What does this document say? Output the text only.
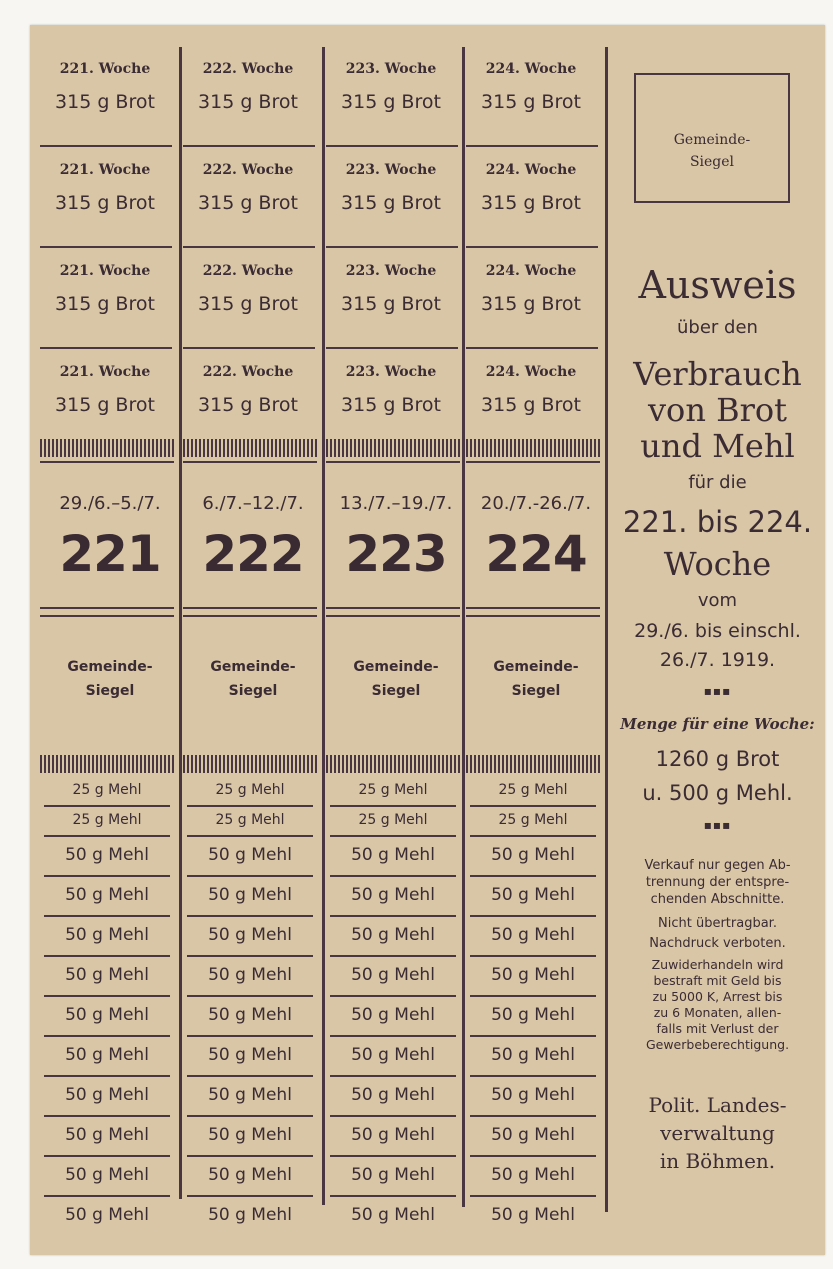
221. Woche
315 g Brot
221. Woche
315 g Brot
221. Woche
315 g Brot
221. Woche
315 g Brot
29./6.–5./7.
221
Gemeinde-
Siegel
25 g Mehl
25 g Mehl
50 g Mehl
50 g Mehl
50 g Mehl
50 g Mehl
50 g Mehl
50 g Mehl
50 g Mehl
50 g Mehl
50 g Mehl
50 g Mehl
222. Woche
315 g Brot
222. Woche
315 g Brot
222. Woche
315 g Brot
222. Woche
315 g Brot
6./7.–12./7.
222
Gemeinde-
Siegel
25 g Mehl
25 g Mehl
50 g Mehl
50 g Mehl
50 g Mehl
50 g Mehl
50 g Mehl
50 g Mehl
50 g Mehl
50 g Mehl
50 g Mehl
50 g Mehl
223. Woche
315 g Brot
223. Woche
315 g Brot
223. Woche
315 g Brot
223. Woche
315 g Brot
13./7.–19./7.
223
Gemeinde-
Siegel
25 g Mehl
25 g Mehl
50 g Mehl
50 g Mehl
50 g Mehl
50 g Mehl
50 g Mehl
50 g Mehl
50 g Mehl
50 g Mehl
50 g Mehl
50 g Mehl
224. Woche
315 g Brot
224. Woche
315 g Brot
224. Woche
315 g Brot
224. Woche
315 g Brot
20./7.-26./7.
224
Gemeinde-
Siegel
25 g Mehl
25 g Mehl
50 g Mehl
50 g Mehl
50 g Mehl
50 g Mehl
50 g Mehl
50 g Mehl
50 g Mehl
50 g Mehl
50 g Mehl
50 g Mehl
Gemeinde-
Siegel
Ausweis
über den
Verbrauch
von Brot
und Mehl
für die
221. bis 224.
Woche
vom
29./6. bis einschl.
26./7. 1919.
▪▪▪
Menge für eine Woche:
1260 g Brot
u. 500 g Mehl.
▪▪▪
Verkauf nur gegen Ab-
trennung der entspre-
chenden Abschnitte.
Nicht übertragbar.
Nachdruck verboten.
Zuwiderhandeln wird
bestraft mit Geld bis
zu 5000 K, Arrest bis
zu 6 Monaten, allen-
falls mit Verlust der
Gewerbeberechtigung.
Polit. Landes-
verwaltung
in Böhmen.
